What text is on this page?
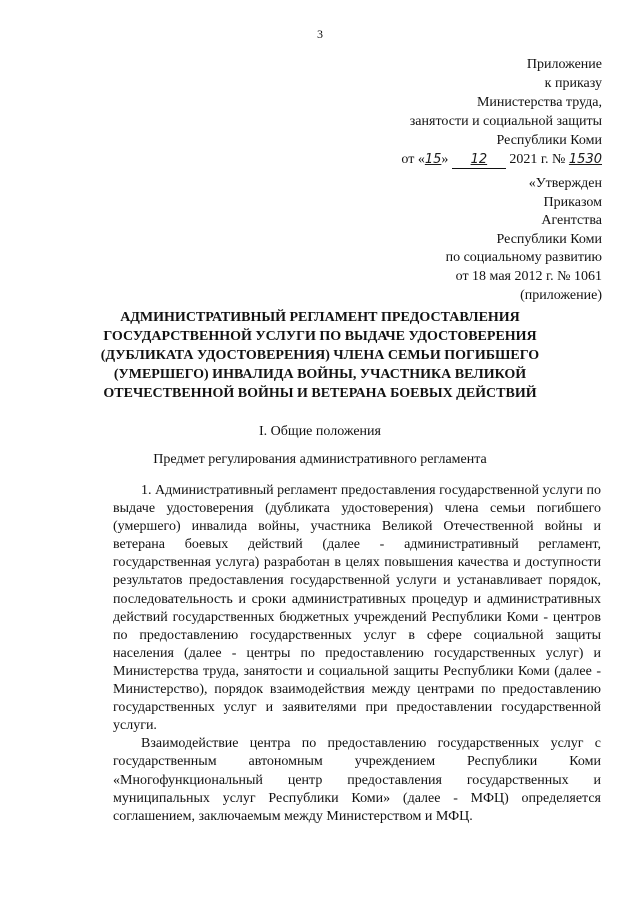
3
Приложение
к приказу
Министерства труда,
занятости и социальной защиты
Республики Коми
от «15» 12 2021 г. № 1530
«Утвержден
Приказом
Агентства
Республики Коми
по социальному развитию
от 18 мая 2012 г. № 1061
(приложение)
АДМИНИСТРАТИВНЫЙ РЕГЛАМЕНТ ПРЕДОСТАВЛЕНИЯ
ГОСУДАРСТВЕННОЙ УСЛУГИ ПО ВЫДАЧЕ УДОСТОВЕРЕНИЯ
(ДУБЛИКАТА УДОСТОВЕРЕНИЯ) ЧЛЕНА СЕМЬИ ПОГИБШЕГО
(УМЕРШЕГО) ИНВАЛИДА ВОЙНЫ, УЧАСТНИКА ВЕЛИКОЙ
ОТЕЧЕСТВЕННОЙ ВОЙНЫ И ВЕТЕРАНА БОЕВЫХ ДЕЙСТВИЙ
I. Общие положения
Предмет регулирования административного регламента

1. Административный регламент предоставления государственной услуги по выдаче удостоверения (дубликата удостоверения) члена семьи погибшего (умершего) инвалида войны, участника Великой Отечественной войны и ветерана боевых действий (далее - административный регламент, государственная услуга) разработан в целях повышения качества и доступности результатов предоставления государственной услуги и устанавливает порядок, последовательность и сроки административных процедур и административных действий государственных бюджетных учреждений Республики Коми - центров по предоставлению государственных услуг в сфере социальной защиты населения (далее - центры по предоставлению государственных услуг) и Министерства труда, занятости и социальной защиты Республики Коми (далее - Министерство), порядок взаимодействия между центрами по предоставлению государственных услуг и заявителями при предоставлении государственной услуги.

Взаимодействие центра по предоставлению государственных услуг с государственным автономным учреждением Республики Коми «Многофункциональный центр предоставления государственных и муниципальных услуг Республики Коми» (далее - МФЦ) определяется соглашением, заключаемым между Министерством и МФЦ.
